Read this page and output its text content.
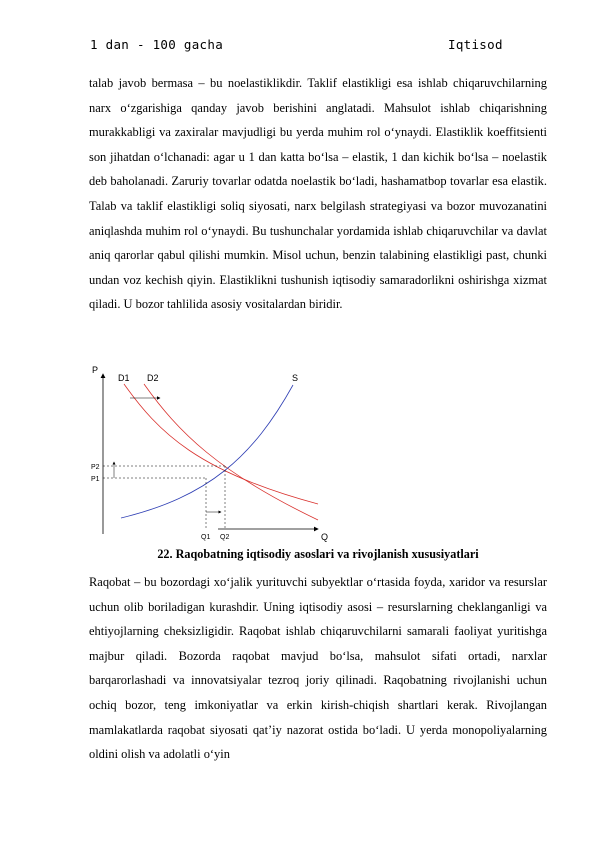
1 dan - 100 gacha	Iqtisod

talab javob bermasa – bu noelastiklikdir. Taklif elastikligi esa ishlab chiqaruvchilarning narx o‘zgarishiga qanday javob berishini anglatadi. Mahsulot ishlab chiqarishning murakkabligi va zaxiralar mavjudligi bu yerda muhim rol o‘ynaydi. Elastiklik koeffitsienti son jihatdan o‘lchanadi: agar u 1 dan katta bo‘lsa – elastik, 1 dan kichik bo‘lsa – noelastik deb baholanadi. Zaruriy tovarlar odatda noelastik bo‘ladi, hashamatbop tovarlar esa elastik. Talab va taklif elastikligi soliq siyosati, narx belgilash strategiyasi va bozor muvozanatini aniqlashda muhim rol o‘ynaydi. Bu tushunchalar yordamida ishlab chiqaruvchilar va davlat aniq qarorlar qabul qilishi mumkin. Misol uchun, benzin talabining elastikligi past, chunki undan voz kechish qiyin. Elastiklikni tushunish iqtisodiy samaradorlikni oshirishga xizmat qiladi. U bozor tahlilida asosiy vositalardan biridir.

P
Q
D1 D2	S
P2
P1
Q1 Q2
22. Raqobatning iqtisodiy asoslari va rivojlanish xususiyatlari

Raqobat – bu bozordagi xo‘jalik yurituvchi subyektlar o‘rtasida foyda, xaridor va resurslar uchun olib boriladigan kurashdir. Uning iqtisodiy asosi – resurslarning cheklanganligi va ehtiyojlarning cheksizligidir. Raqobat ishlab chiqaruvchilarni samarali faoliyat yuritishga majbur qiladi. Bozorda raqobat mavjud bo‘lsa, mahsulot sifati ortadi, narxlar barqarorlashadi va innovatsiyalar tezroq joriy qilinadi. Raqobatning rivojlanishi uchun ochiq bozor, teng imkoniyatlar va erkin kirish-chiqish shartlari kerak. Rivojlangan mamlakatlarda raqobat siyosati qat’iy nazorat ostida bo‘ladi. U yerda monopoliyalarning oldini olish va adolatli o‘yin
